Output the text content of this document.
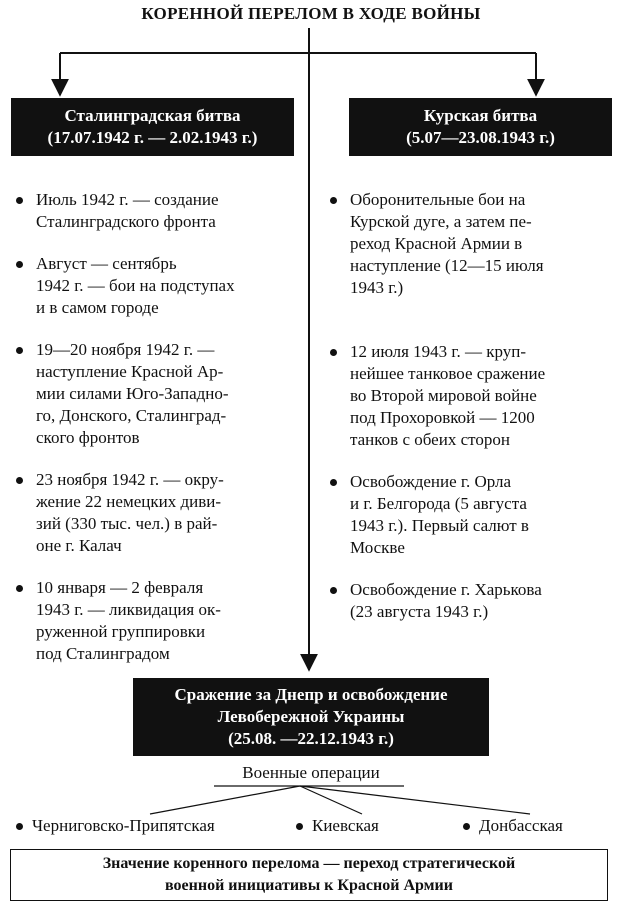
КОРЕННОЙ ПЕРЕЛОМ В ХОДЕ ВОЙНЫ
Сталинградская битва
(17.07.1942 г. — 2.02.1943 г.)
Курская битва
(5.07—23.08.1943 г.)
Июль 1942 г. — создание
Сталинградского фронта
Август — сентябрь
1942 г. — бои на подступах
и в самом городе
19—20 ноября 1942 г. —
наступление Красной Ар-
мии силами Юго-Западно-
го, Донского, Сталинград-
ского фронтов
23 ноября 1942 г. — окру-
жение 22 немецких диви-
зий (330 тыс. чел.) в рай-
оне г. Калач
10 января — 2 февраля
1943 г. — ликвидация ок-
руженной группировки
под Сталинградом
Оборонительные бои на
Курской дуге, а затем пе-
реход Красной Армии в
наступление (12—15 июля
1943 г.)
12 июля 1943 г. — круп-
нейшее танковое сражение
во Второй мировой войне
под Прохоровкой — 1200
танков с обеих сторон
Освобождение г. Орла
и г. Белгорода (5 августа
1943 г.). Первый салют в
Москве
Освобождение г. Харькова
(23 августа 1943 г.)
Сражение за Днепр и освобождение
Левобережной Украины
(25.08. —22.12.1943 г.)
Военные операции
Черниговско-Припятская	Киевская	Донбасская
Значение коренного перелома — переход стратегической
военной инициативы к Красной Армии
